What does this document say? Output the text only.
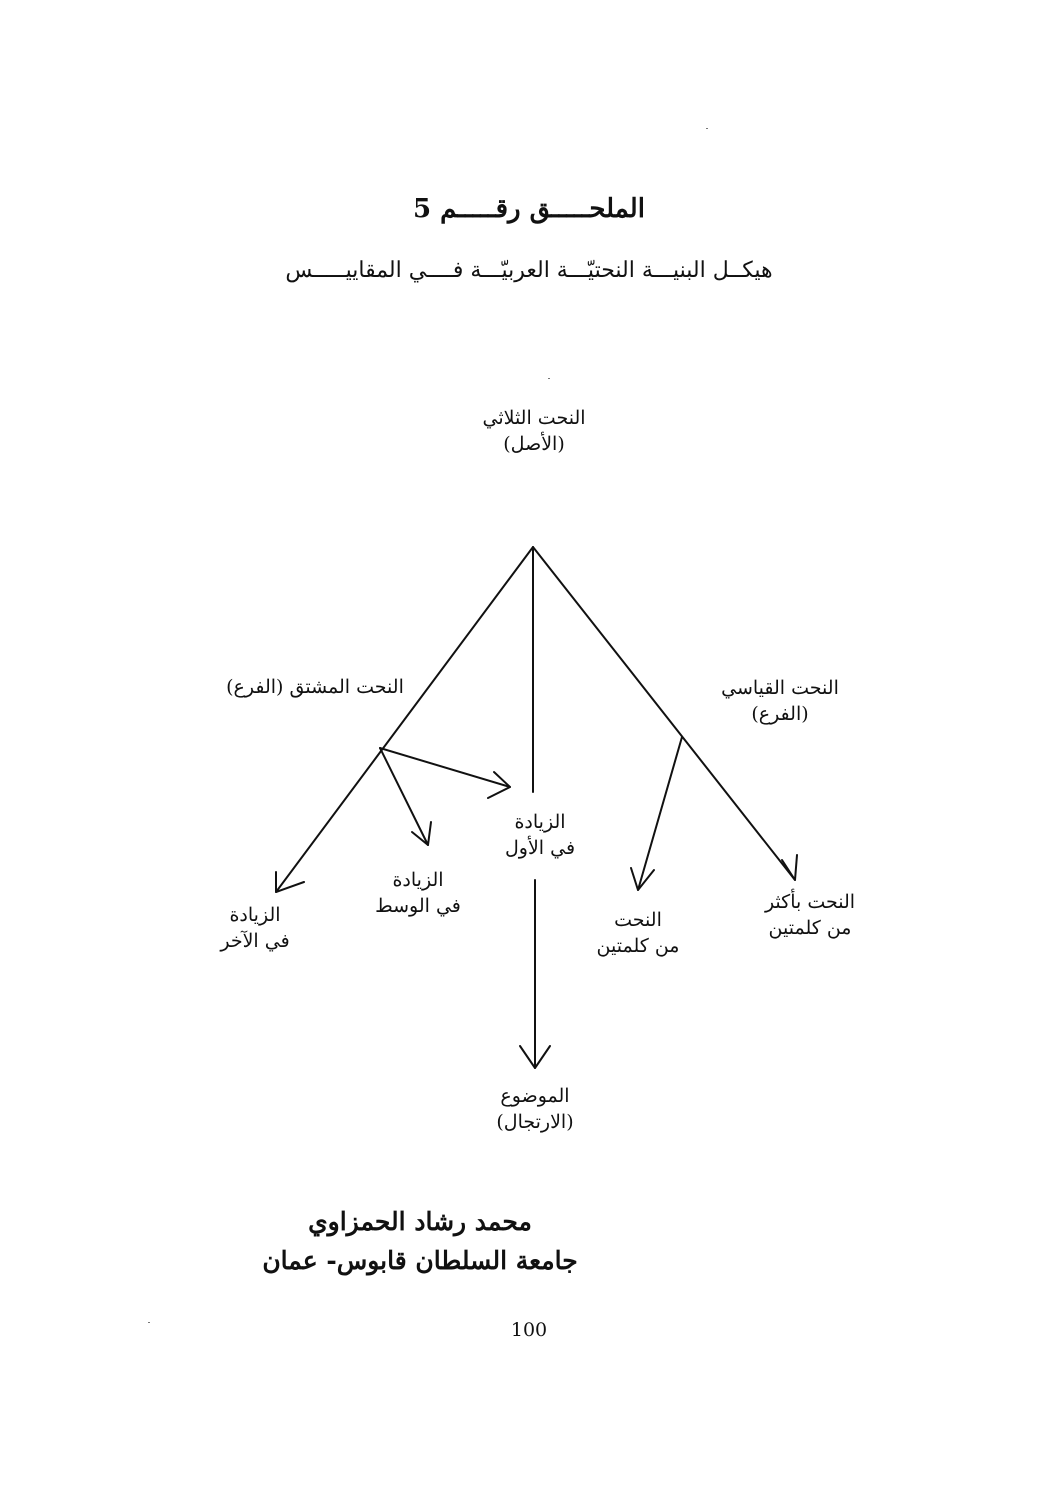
الملحـــــق رقـــــم 5
هيكــل البنيـــة النحتيّـــة العربيّـــة فــــي المقاييـــــس
النحت الثلاثي
(الأصل)
النحت المشتق (الفرع)	النحت القياسي
(الفرع)
الزيادة
في الآخر
الزيادة
في الوسط
الزيادة
في الأول
النحت
من كلمتين
النحت بأكثر
من كلمتين
الموضوع
(الارتجال)
محمد رشاد الحمزاوي
جامعة السلطان قابوس- عمان
100
